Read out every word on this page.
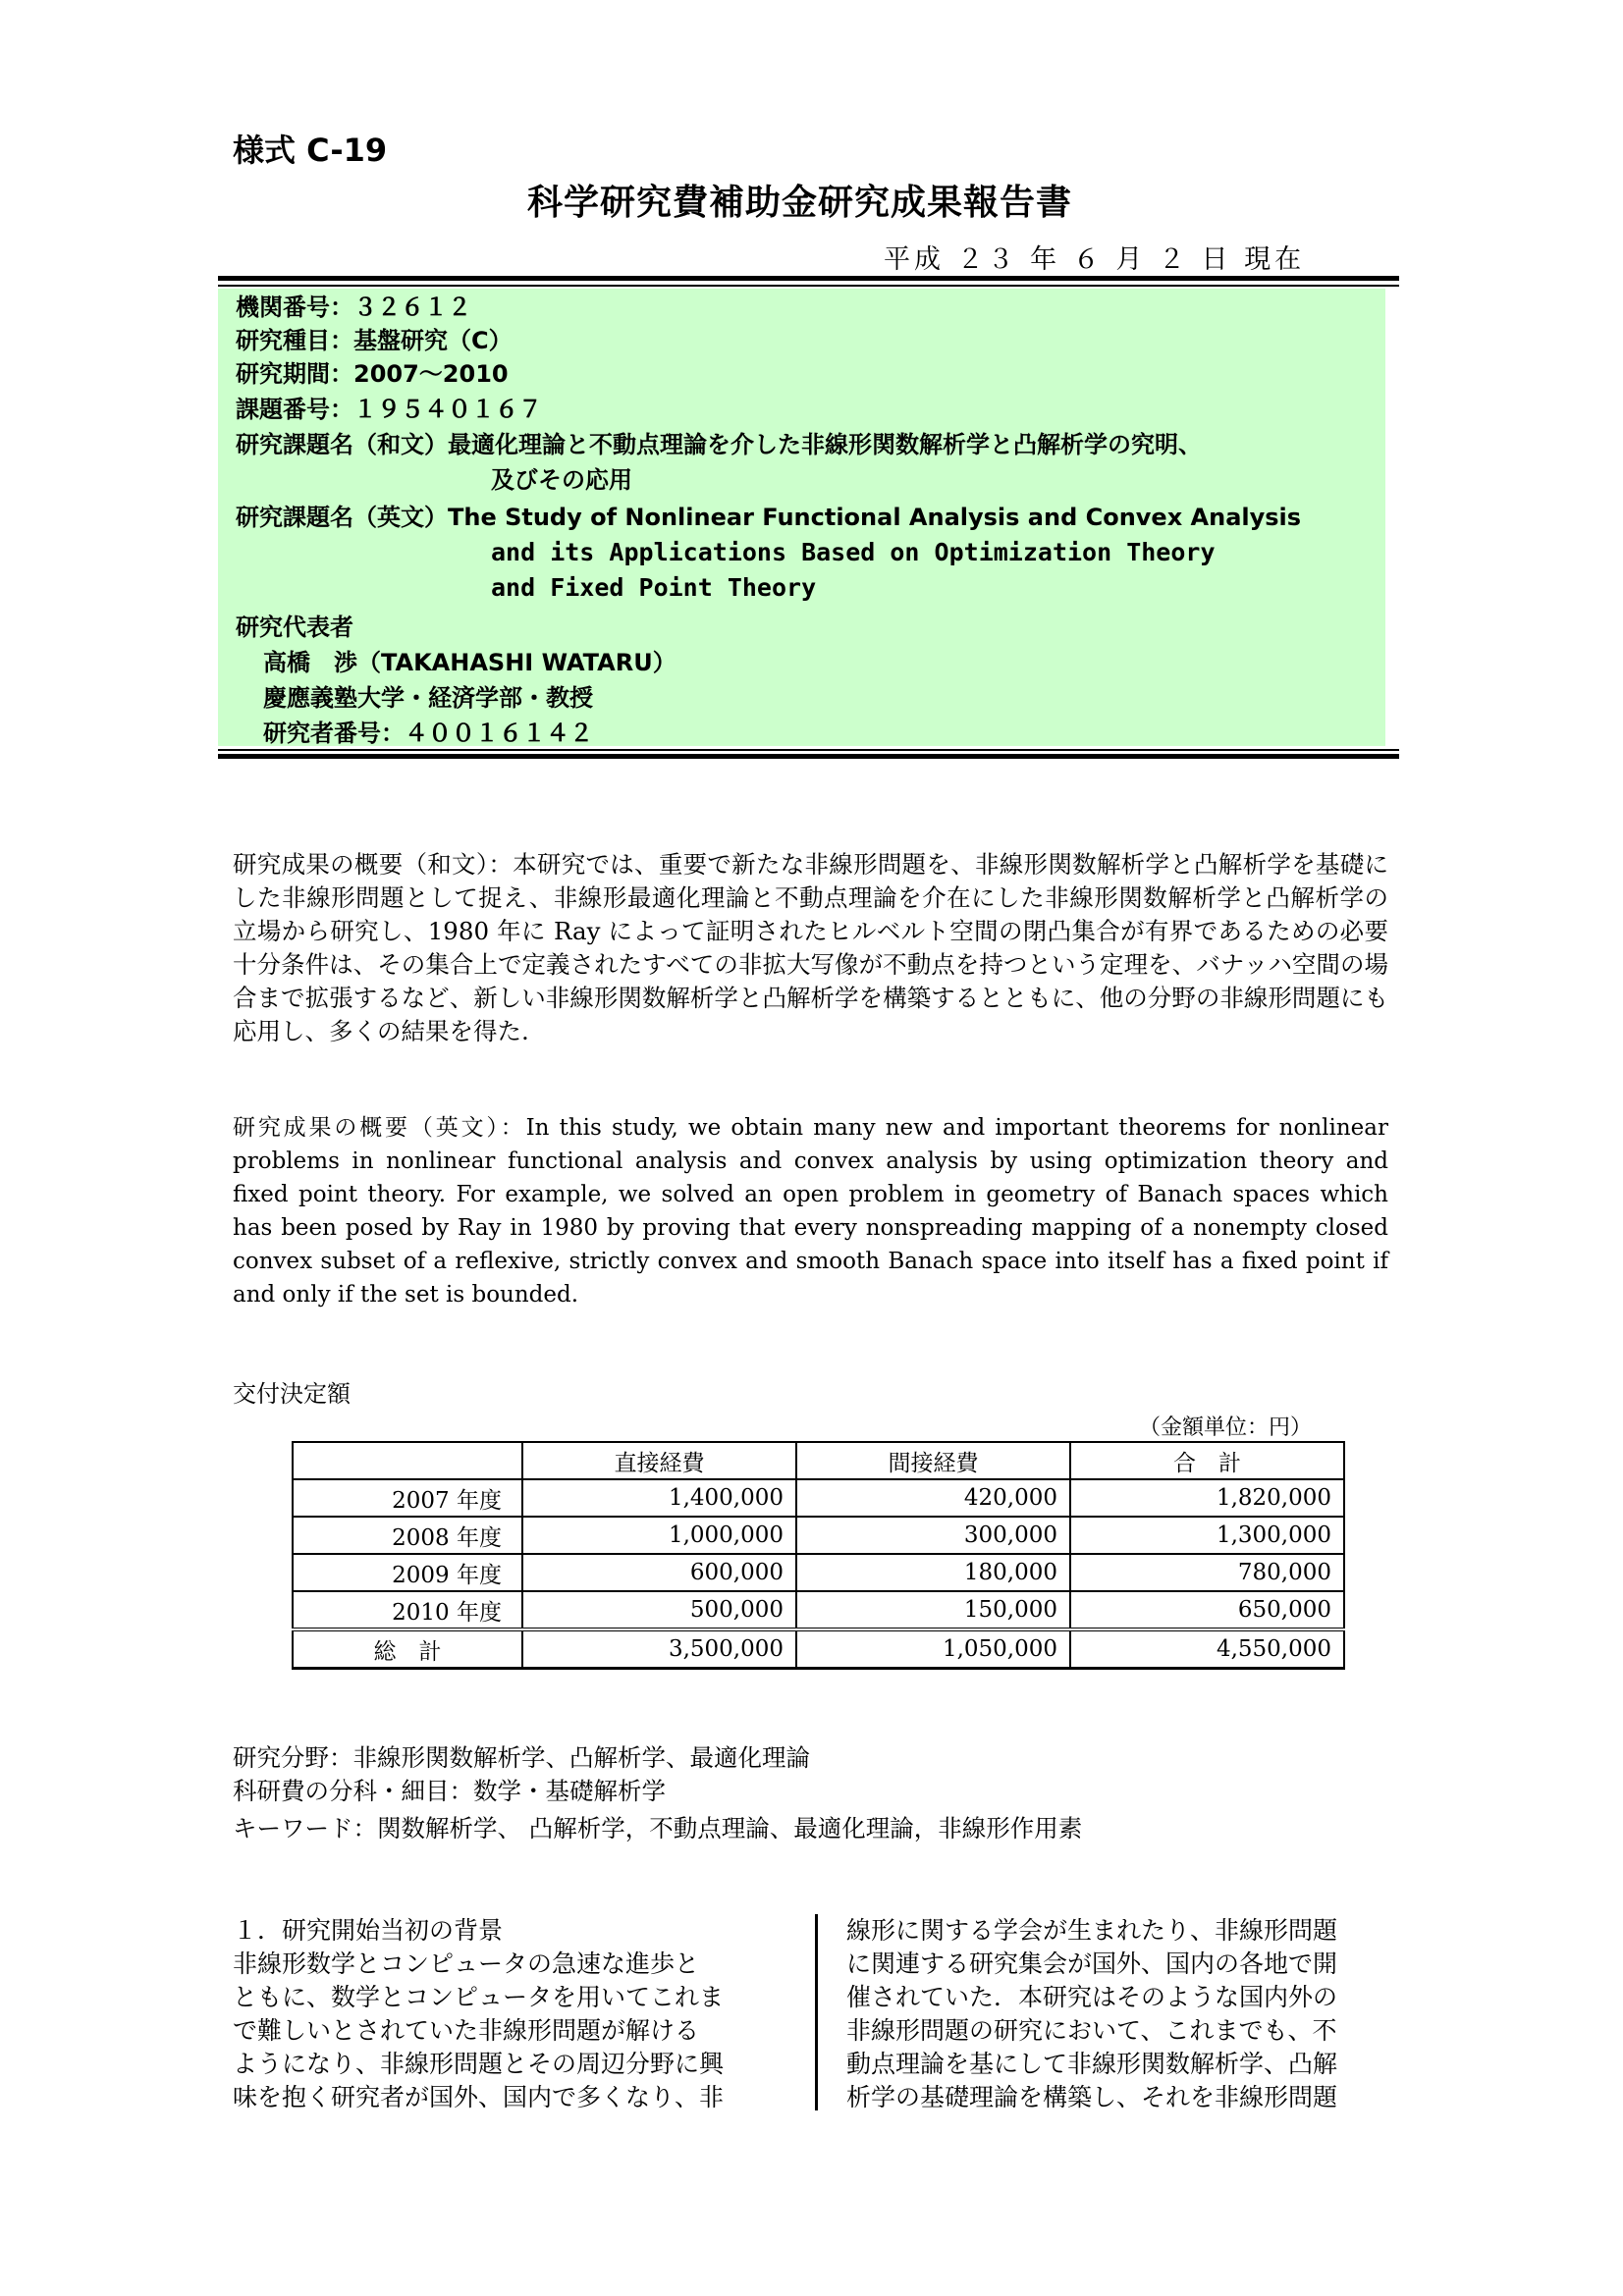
様式 C-19
科学研究費補助金研究成果報告書
平成 ２３ 年 ６ 月 ２ 日 現在
機関番号：３２６１２
研究種目：基盤研究（C）
研究期間：2007～2010
課題番号：１９５４０１６７
研究課題名（和文）最適化理論と不動点理論を介した非線形関数解析学と凸解析学の究明、
及びその応用
研究課題名（英文）The Study of Nonlinear Functional Analysis and Convex Analysis
and its Applications Based on Optimization Theory
and Fixed Point Theory
研究代表者
高橋　渉（TAKAHASHI WATARU）
慶應義塾大学・経済学部・教授
研究者番号：４００１６１４２
研究成果の概要（和文）：本研究では、重要で新たな非線形問題を、非線形関数解析学と凸解析学を基礎にした非線形問題として捉え、非線形最適化理論と不動点理論を介在にした非線形関数解析学と凸解析学の立場から研究し、1980 年に Ray によって証明されたヒルベルト空間の閉凸集合が有界であるための必要十分条件は、その集合上で定義されたすべての非拡大写像が不動点を持つという定理を、バナッハ空間の場合まで拡張するなど、新しい非線形関数解析学と凸解析学を構築するとともに、他の分野の非線形問題にも応用し、多くの結果を得た.
研究成果の概要（英文）：In this study, we obtain many new and important theorems for nonlinear problems in nonlinear functional analysis and convex analysis by using optimization theory and fixed point theory. For example, we solved an open problem in geometry of Banach spaces which has been posed by Ray in 1980 by proving that every nonspreading mapping of a nonempty closed convex subset of a reflexive, strictly convex and smooth Banach space into itself has a fixed point if and only if the set is bounded.
交付決定額
（金額単位：円）
	直接経費	間接経費	合　計
2007 年度	1,400,000	420,000	1,820,000
2008 年度	1,000,000	300,000	1,300,000
2009 年度	600,000	180,000	780,000
2010 年度	500,000	150,000	650,000
総　計	3,500,000	1,050,000	4,550,000
研究分野：非線形関数解析学、凸解析学、最適化理論
科研費の分科・細目：数学・基礎解析学
キーワード：関数解析学、 凸解析学，不動点理論、最適化理論，非線形作用素
１．研究開始当初の背景
非線形数学とコンピュータの急速な進歩と
ともに、数学とコンピュータを用いてこれま
で難しいとされていた非線形問題が解ける
ようになり、非線形問題とその周辺分野に興
味を抱く研究者が国外、国内で多くなり、非
線形に関する学会が生まれたり、非線形問題
に関連する研究集会が国外、国内の各地で開
催されていた．本研究はそのような国内外の
非線形問題の研究において、これまでも、不
動点理論を基にして非線形関数解析学、凸解
析学の基礎理論を構築し、それを非線形問題
